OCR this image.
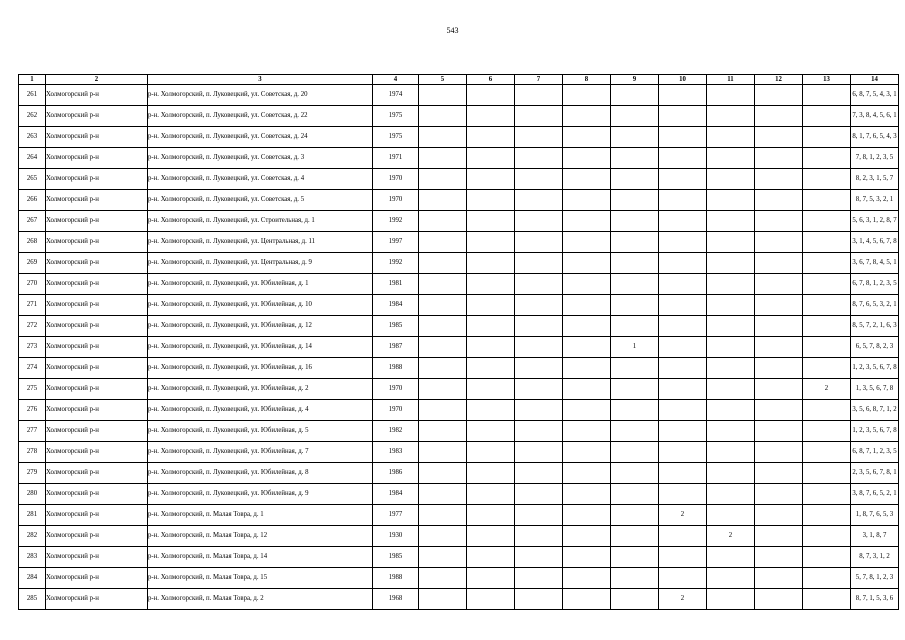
543
1	2	3	4	5	6	7	8	9	10	11	12	13	14
261	Холмогорский р-н	р-н. Холмогорский, п. Луковецкий, ул. Советская, д. 20	1974										6, 8, 7, 5, 4, 3, 1
262	Холмогорский р-н	р-н. Холмогорский, п. Луковецкий, ул. Советская, д. 22	1975										7, 3, 8, 4, 5, 6, 1
263	Холмогорский р-н	р-н. Холмогорский, п. Луковецкий, ул. Советская, д. 24	1975										8, 1, 7, 6, 5, 4, 3
264	Холмогорский р-н	р-н. Холмогорский, п. Луковецкий, ул. Советская, д. 3	1971										7, 8, 1, 2, 3, 5
265	Холмогорский р-н	р-н. Холмогорский, п. Луковецкий, ул. Советская, д. 4	1970										8, 2, 3, 1, 5, 7
266	Холмогорский р-н	р-н. Холмогорский, п. Луковецкий, ул. Советская, д. 5	1970										8, 7, 5, 3, 2, 1
267	Холмогорский р-н	р-н. Холмогорский, п. Луковецкий, ул. Строительная, д. 1	1992										5, 6, 3, 1, 2, 8, 7
268	Холмогорский р-н	р-н. Холмогорский, п. Луковецкий, ул. Центральная, д. 11	1997										3, 1, 4, 5, 6, 7, 8
269	Холмогорский р-н	р-н. Холмогорский, п. Луковецкий, ул. Центральная, д. 9	1992										3, 6, 7, 8, 4, 5, 1
270	Холмогорский р-н	р-н. Холмогорский, п. Луковецкий, ул. Юбилейная, д. 1	1981										6, 7, 8, 1, 2, 3, 5
271	Холмогорский р-н	р-н. Холмогорский, п. Луковецкий, ул. Юбилейная, д. 10	1984										8, 7, 6, 5, 3, 2, 1
272	Холмогорский р-н	р-н. Холмогорский, п. Луковецкий, ул. Юбилейная, д. 12	1985										8, 5, 7, 2, 1, 6, 3
273	Холмогорский р-н	р-н. Холмогорский, п. Луковецкий, ул. Юбилейная, д. 14	1987					1					6, 5, 7, 8, 2, 3
274	Холмогорский р-н	р-н. Холмогорский, п. Луковецкий, ул. Юбилейная, д. 16	1988										1, 2, 3, 5, 6, 7, 8
275	Холмогорский р-н	р-н. Холмогорский, п. Луковецкий, ул. Юбилейная, д. 2	1970									2	1, 3, 5, 6, 7, 8
276	Холмогорский р-н	р-н. Холмогорский, п. Луковецкий, ул. Юбилейная, д. 4	1970										3, 5, 6, 8, 7, 1, 2
277	Холмогорский р-н	р-н. Холмогорский, п. Луковецкий, ул. Юбилейная, д. 5	1982										1, 2, 3, 5, 6, 7, 8
278	Холмогорский р-н	р-н. Холмогорский, п. Луковецкий, ул. Юбилейная, д. 7	1983										6, 8, 7, 1, 2, 3, 5
279	Холмогорский р-н	р-н. Холмогорский, п. Луковецкий, ул. Юбилейная, д. 8	1986										2, 3, 5, 6, 7, 8, 1
280	Холмогорский р-н	р-н. Холмогорский, п. Луковецкий, ул. Юбилейная, д. 9	1984										3, 8, 7, 6, 5, 2, 1
281	Холмогорский р-н	р-н. Холмогорский, п. Малая Товра, д. 1	1977						2				1, 8, 7, 6, 5, 3
282	Холмогорский р-н	р-н. Холмогорский, п. Малая Товра, д. 12	1930							2			3, 1, 8, 7
283	Холмогорский р-н	р-н. Холмогорский, п. Малая Товра, д. 14	1985										8, 7, 3, 1, 2
284	Холмогорский р-н	р-н. Холмогорский, п. Малая Товра, д. 15	1988										5, 7, 8, 1, 2, 3
285	Холмогорский р-н	р-н. Холмогорский, п. Малая Товра, д. 2	1968						2				8, 7, 1, 5, 3, 6
